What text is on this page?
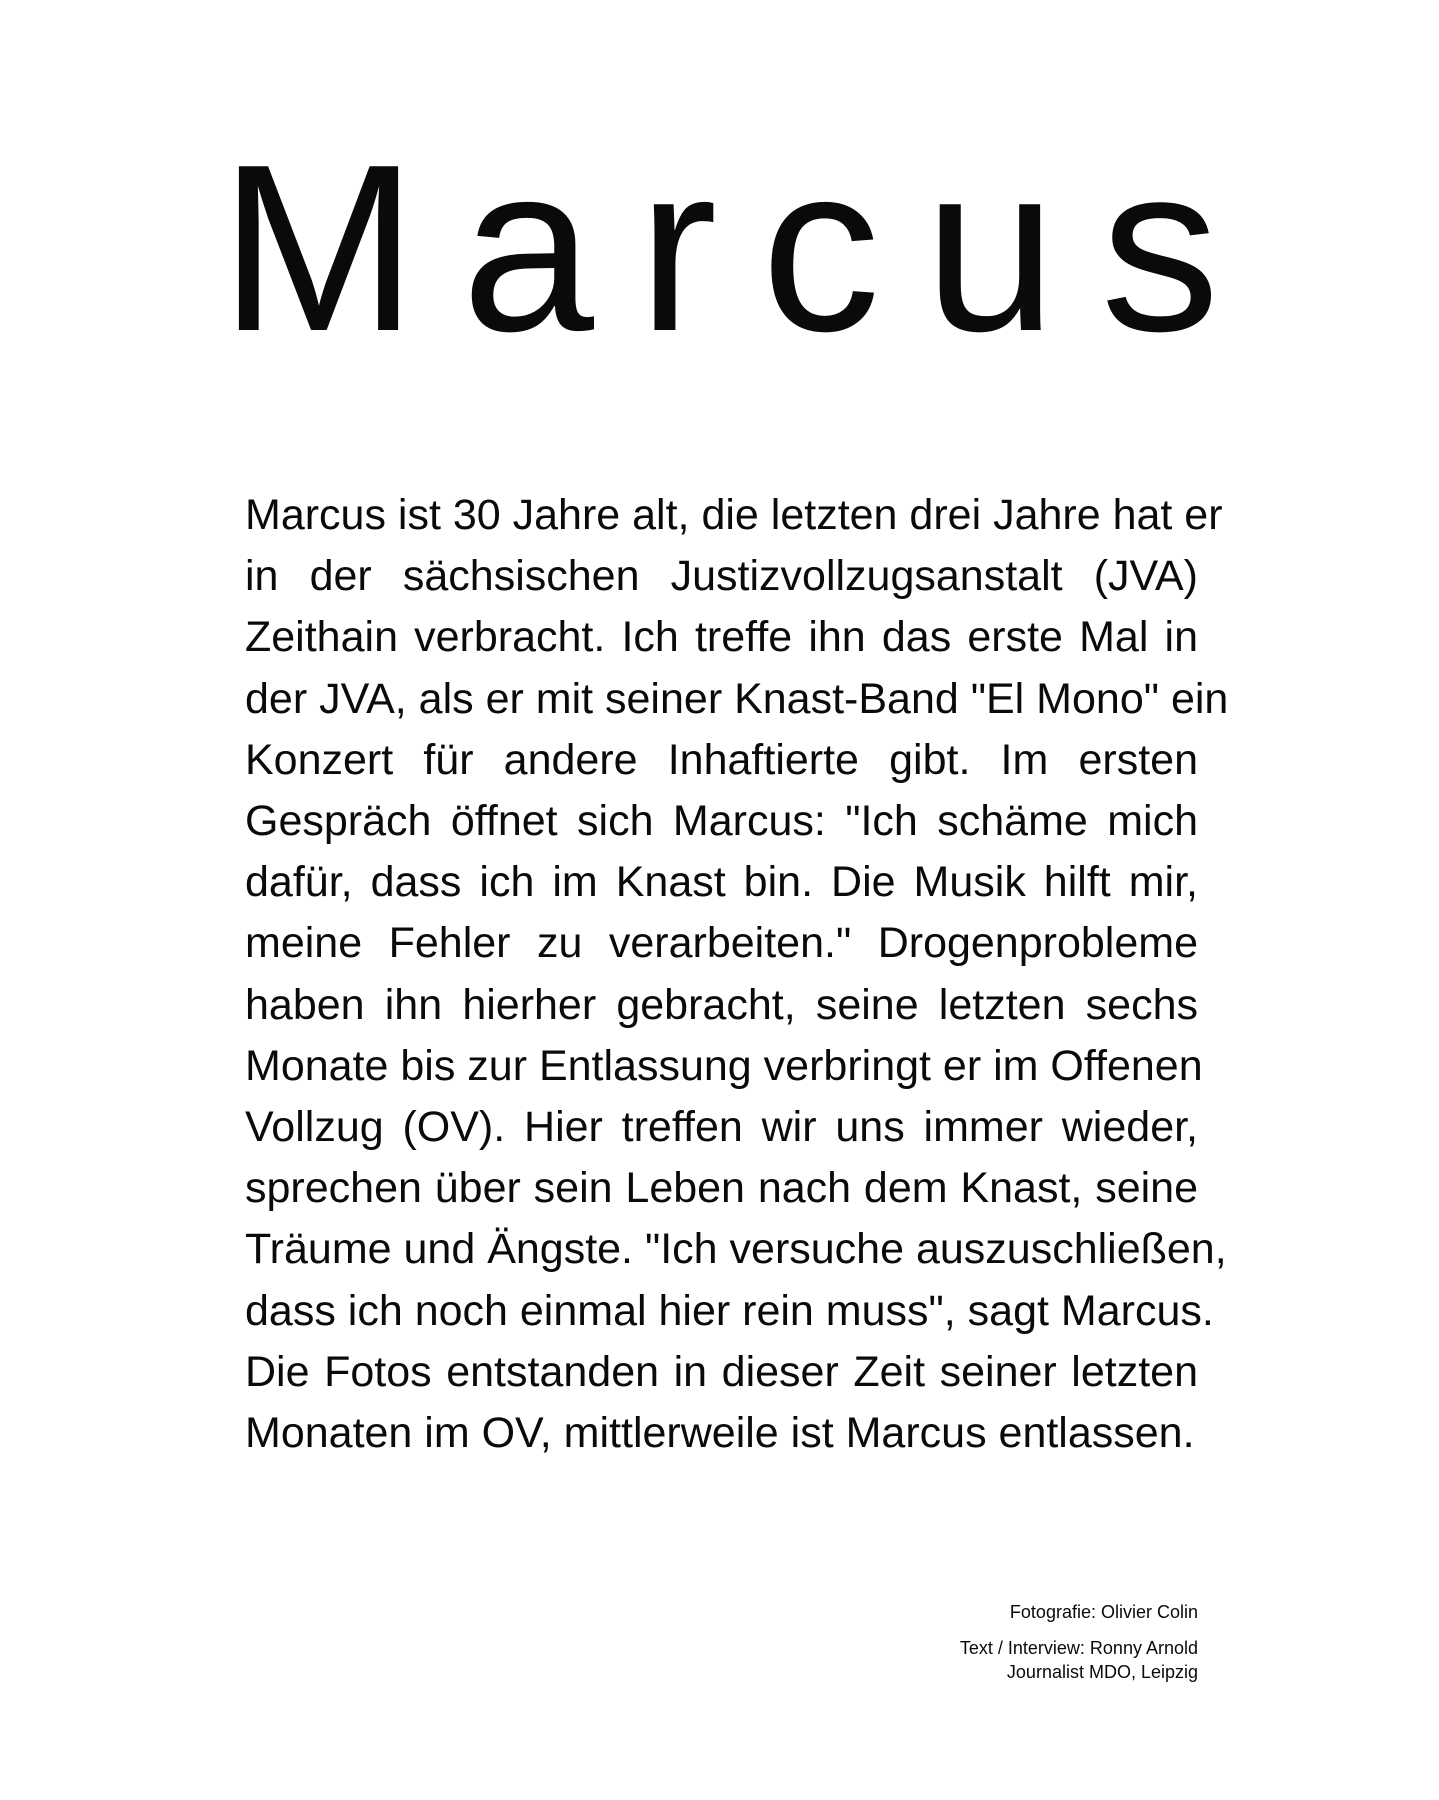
Marcus

Marcus ist 30 Jahre alt, die letzten drei Jahre hat er
in der sächsischen Justizvollzugsanstalt (JVA)
Zeithain verbracht. Ich treffe ihn das erste Mal in
der JVA, als er mit seiner Knast-Band "El Mono" ein
Konzert für andere Inhaftierte gibt. Im ersten
Gespräch öffnet sich Marcus: "Ich schäme mich
dafür, dass ich im Knast bin. Die Musik hilft mir,
meine Fehler zu verarbeiten." Drogenprobleme
haben ihn hierher gebracht, seine letzten sechs
Monate bis zur Entlassung verbringt er im Offenen
Vollzug (OV). Hier treffen wir uns immer wieder,
sprechen über sein Leben nach dem Knast, seine
Träume und Ängste. "Ich versuche auszuschließen,
dass ich noch einmal hier rein muss", sagt Marcus.
Die Fotos entstanden in dieser Zeit seiner letzten
Monaten im OV, mittlerweile ist Marcus entlassen.

Fotografie: Olivier Colin
Text / Interview: Ronny Arnold
Journalist MDO, Leipzig
